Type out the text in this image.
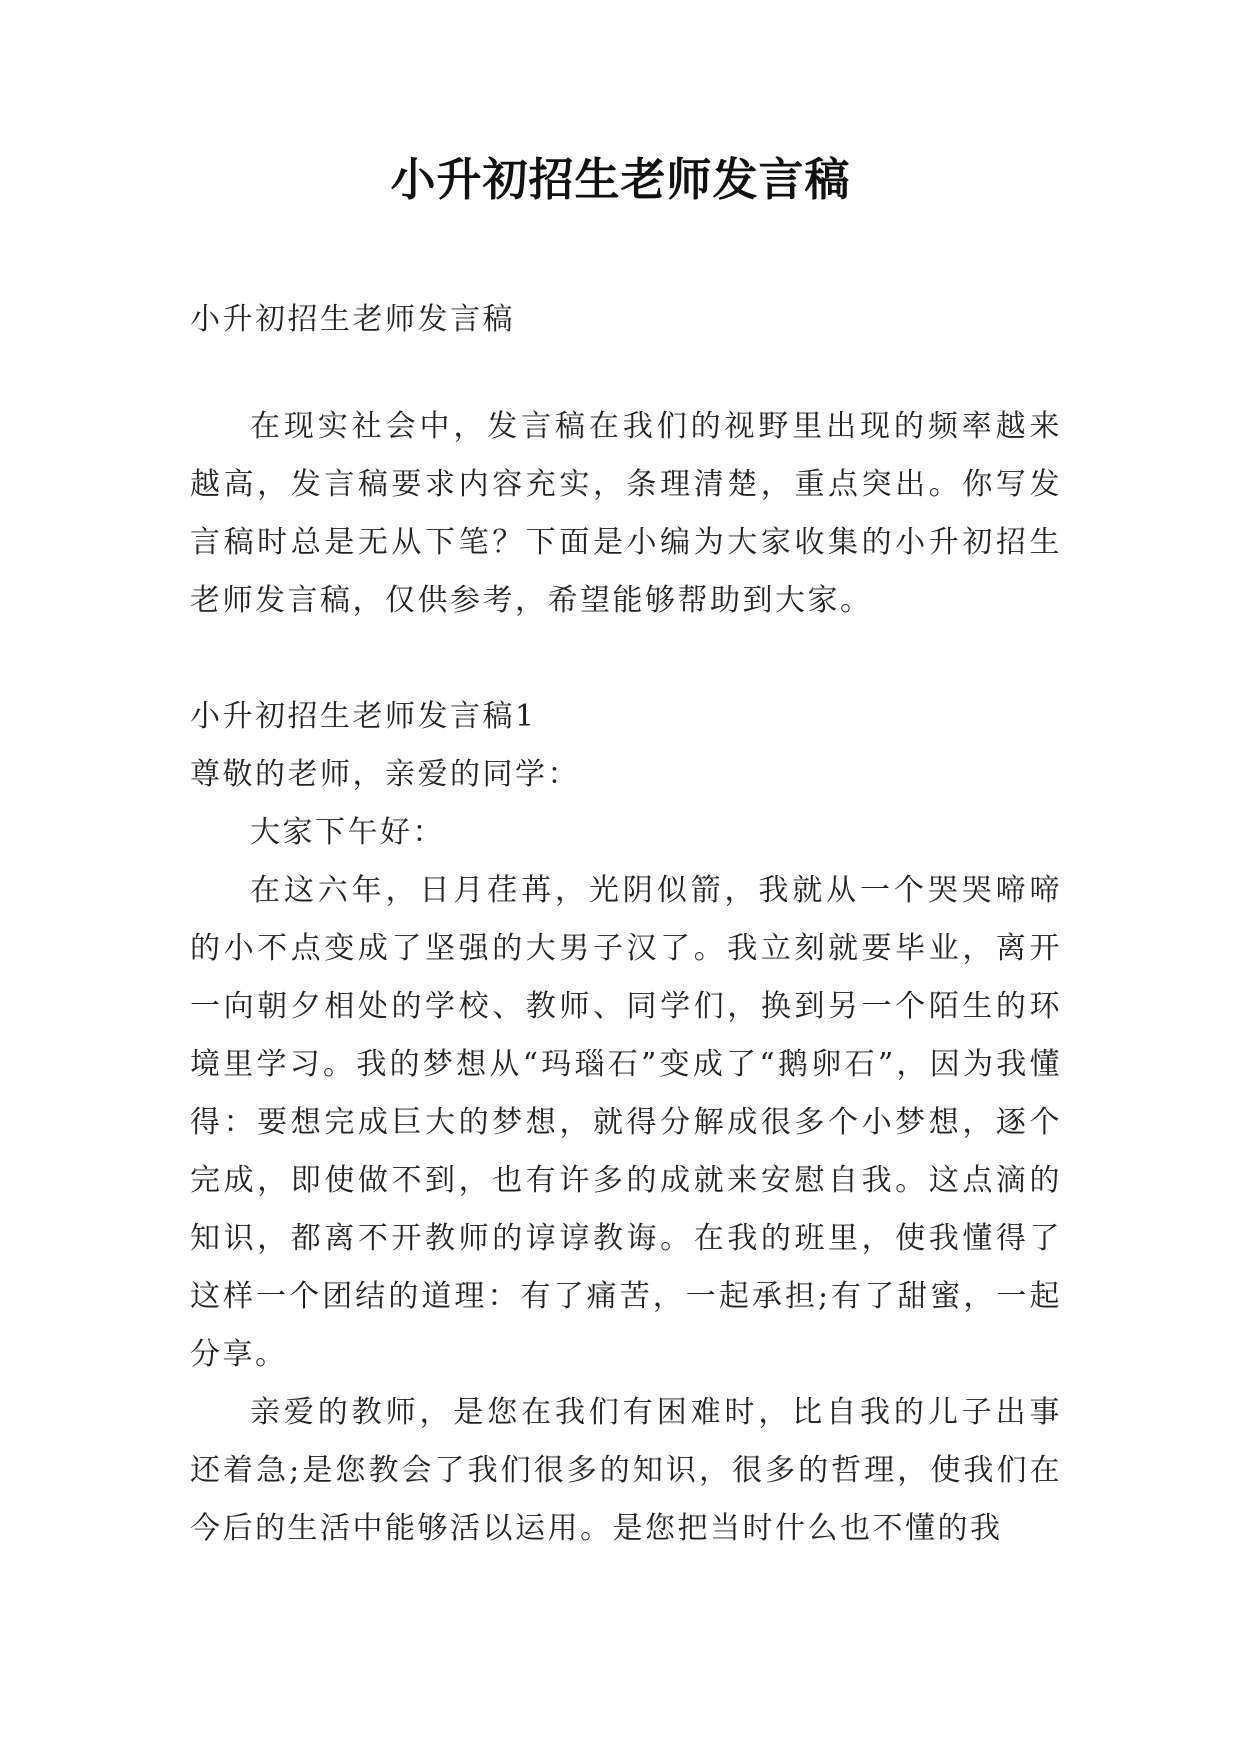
小升初招生老师发言稿
小升初招生老师发言稿

在现实社会中，发言稿在我们的视野里出现的频率越来越高，发言稿要求内容充实，条理清楚，重点突出。你写发言稿时总是无从下笔？下面是小编为大家收集的小升初招生老师发言稿，仅供参考，希望能够帮助到大家。

小升初招生老师发言稿1

尊敬的老师，亲爱的同学：

大家下午好：

在这六年，日月荏苒，光阴似箭，我就从一个哭哭啼啼的小不点变成了坚强的大男子汉了。我立刻就要毕业，离开一向朝夕相处的学校、教师、同学们，换到另一个陌生的环境里学习。我的梦想从“玛瑙石”变成了“鹅卵石”，因为我懂得：要想完成巨大的梦想，就得分解成很多个小梦想，逐个完成，即使做不到，也有许多的成就来安慰自我。这点滴的知识，都离不开教师的谆谆教诲。在我的班里，使我懂得了这样一个团结的道理：有了痛苦，一起承担;有了甜蜜，一起分享。

亲爱的教师，是您在我们有困难时，比自我的儿子出事还着急;是您教会了我们很多的知识，很多的哲理，使我们在今后的生活中能够活以运用。是您把当时什么也不懂的我
